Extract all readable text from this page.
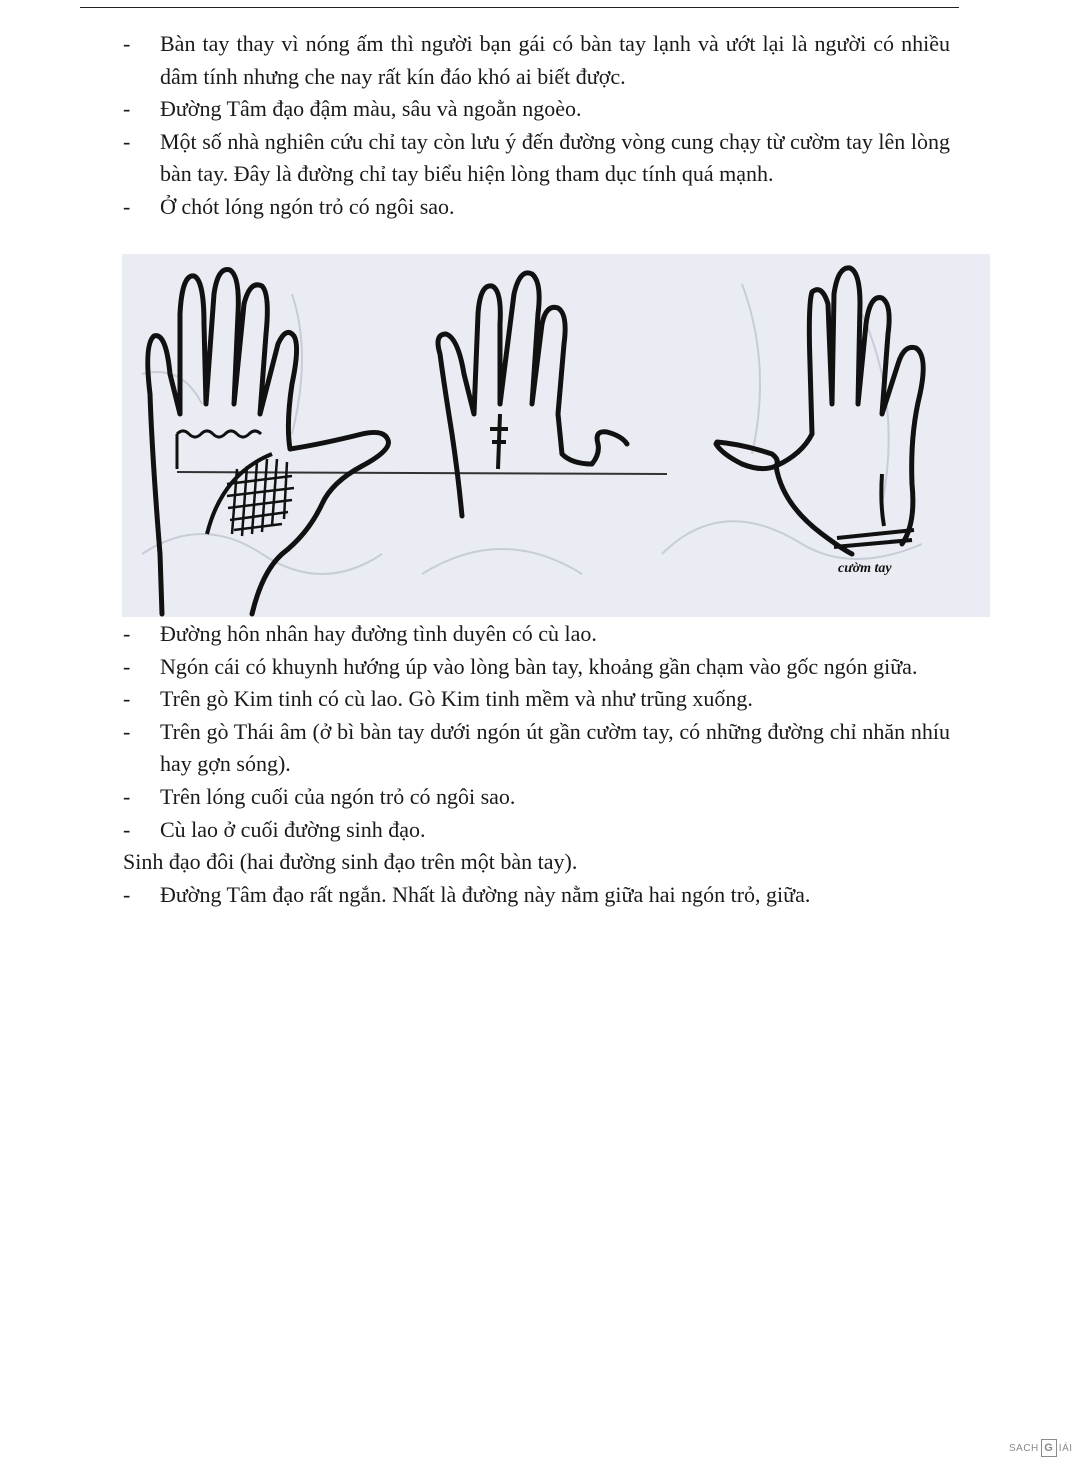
-	Bàn tay thay vì nóng ấm thì người bạn gái có bàn tay lạnh và ướt lại là người có nhiều dâm tính nhưng che nay rất kín đáo khó ai biết được.
-	Đường Tâm đạo đậm màu, sâu và ngoằn ngoèo.
-	Một số nhà nghiên cứu chỉ tay còn lưu ý đến đường vòng cung chạy từ cườm tay lên lòng bàn tay. Đây là đường chỉ tay biểu hiện lòng tham dục tính quá mạnh.
-	Ở chót lóng ngón trỏ có ngôi sao.
cườm tay
-	Đường hôn nhân hay đường tình duyên có cù lao.
-	Ngón cái có khuynh hướng úp vào lòng bàn tay, khoảng gần chạm vào gốc ngón giữa.
-	Trên gò Kim tinh có cù lao. Gò Kim tinh mềm và như trũng xuống.
-	Trên gò Thái âm (ở bì bàn tay dưới ngón út gần cườm tay, có những đường chỉ nhăn nhíu hay gợn sóng).
-	Trên lóng cuối của ngón trỏ có ngôi sao.
-	Cù lao ở cuối đường sinh đạo.
Sinh đạo đôi (hai đường sinh đạo trên một bàn tay).
-	Đường Tâm đạo rất ngắn. Nhất là đường này nằm giữa hai ngón trỏ, giữa.
SACH G IÁI
